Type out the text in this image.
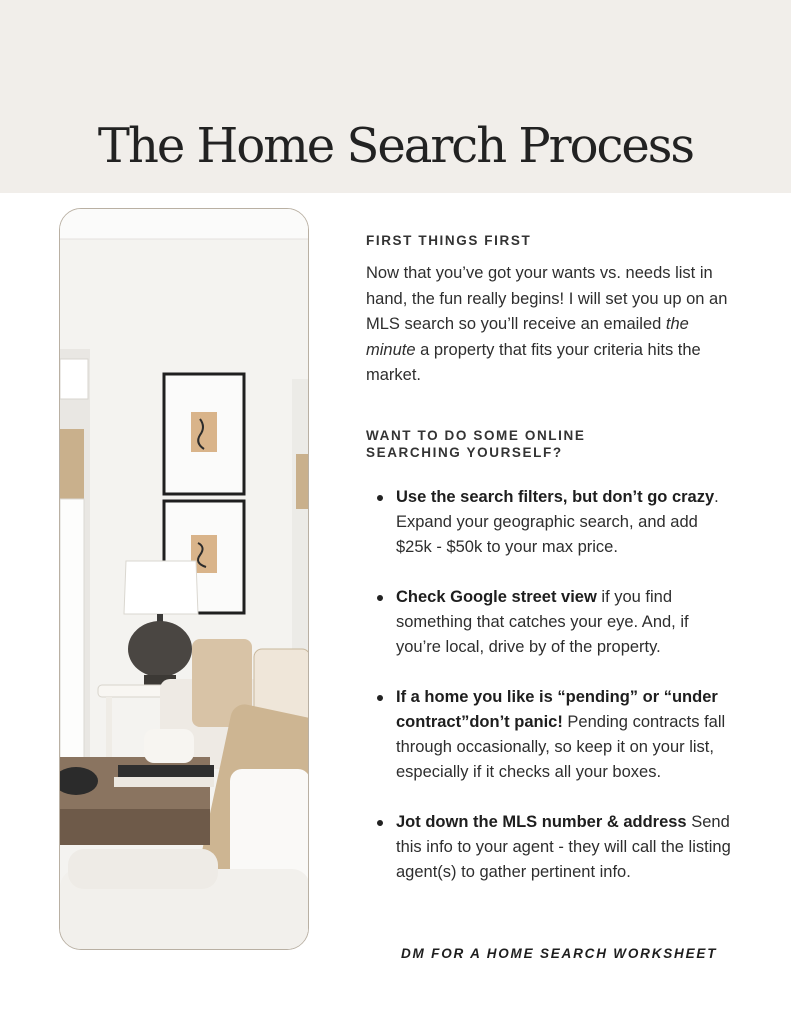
The Home Search Process
FIRST THINGS FIRST

Now that you’ve got your wants vs. needs list in hand, the fun really begins! I will set you up on an MLS search so you’ll receive an emailed the minute a property that fits your criteria hits the market.

WANT TO DO SOME ONLINE SEARCHING YOURSELF?
Use the search filters, but don’t go crazy. Expand your geographic search, and add $25k - $50k to your max price.
Check Google street view if you find something that catches your eye. And, if you’re local, drive by of the property.
If a home you like is “pending” or “under contract”don’t panic! Pending contracts fall through occasionally, so keep it on your list, especially if it checks all your boxes.
Jot down the MLS number & address Send this info to your agent - they will call the listing agent(s) to gather pertinent info.
DM FOR A HOME SEARCH WORKSHEET
